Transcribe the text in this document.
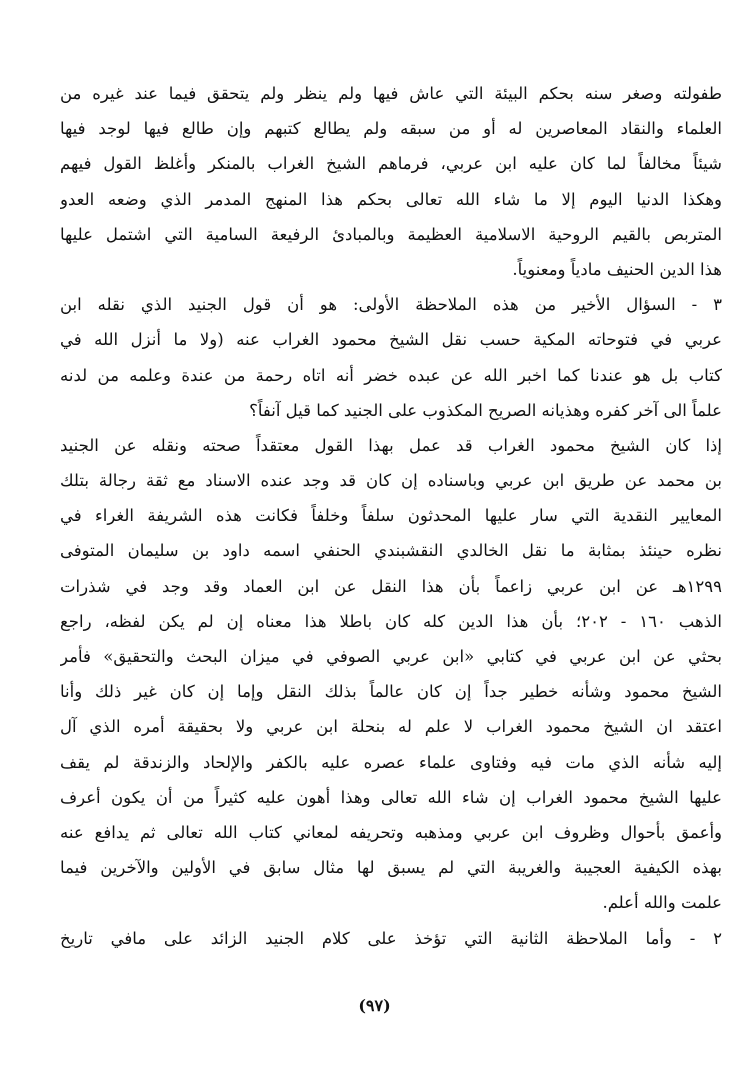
طفولته وصغر سنه بحكم البيئة التي عاش فيها ولم ينظر ولم يتحقق فيما عند غيره من
العلماء والنقاد المعاصرين له أو من سبقه ولم يطالع كتبهم وإن طالع فيها لوجد فيها
شيئاً مخالفاً لما كان عليه ابن عربي، فرماهم الشيخ الغراب بالمنكر وأغلظ القول فيهم
وهكذا الدنيا اليوم إلا ما شاء الله تعالى بحكم هذا المنهج المدمر الذي وضعه العدو
المتربص بالقيم الروحية الاسلامية العظيمة وبالمبادئ الرفيعة السامية التي اشتمل عليها
هذا الدين الحنيف مادياً ومعنوياً.
٣ - السؤال الأخير من هذه الملاحظة الأولى: هو أن قول الجنيد الذي نقله ابن
عربي في فتوحاته المكية حسب نقل الشيخ محمود الغراب عنه (ولا ما أنزل الله في
كتاب بل هو عندنا كما اخبر الله عن عبده خضر أنه اتاه رحمة من عندة وعلمه من لدنه
علماً الى آخر كفره وهذيانه الصريح المكذوب على الجنيد كما قيل آنفاً؟
إذا كان الشيخ محمود الغراب قد عمل بهذا القول معتقداً صحته ونقله عن الجنيد
بن محمد عن طريق ابن عربي وباسناده إن كان قد وجد عنده الاسناد مع ثقة رجالة بتلك
المعايير النقدية التي سار عليها المحدثون سلفاً وخلفاً فكانت هذه الشريفة الغراء في
نظره حينئذ بمثابة ما نقل الخالدي النقشبندي الحنفي اسمه داود بن سليمان المتوفى
١٢٩٩هـ عن ابن عربي زاعماً بأن هذا النقل عن ابن العماد وقد وجد في شذرات
الذهب ١٦٠ - ٢٠٢؛ بأن هذا الدين كله كان باطلا هذا معناه إن لم يكن لفظه، راجع
بحثي عن ابن عربي في كتابي «ابن عربي الصوفي في ميزان البحث والتحقيق» فأمر
الشيخ محمود وشأنه خطير جداً إن كان عالماً بذلك النقل وإما إن كان غير ذلك وأنا
اعتقد ان الشيخ محمود الغراب لا علم له بنحلة ابن عربي ولا بحقيقة أمره الذي آل
إليه شأنه الذي مات فيه وفتاوى علماء عصره عليه بالكفر والإلحاد والزندقة لم يقف
عليها الشيخ محمود الغراب إن شاء الله تعالى وهذا أهون عليه كثيراً من أن يكون أعرف
وأعمق بأحوال وظروف ابن عربي ومذهبه وتحريفه لمعاني كتاب الله تعالى ثم يدافع عنه
بهذه الكيفية العجيبة والغريبة التي لم يسبق لها مثال سابق في الأولين والآخرين فيما
علمت والله أعلم.
٢ - وأما الملاحظة الثانية التي تؤخذ على كلام الجنيد الزائد على مافي تاريخ
(٩٧)
